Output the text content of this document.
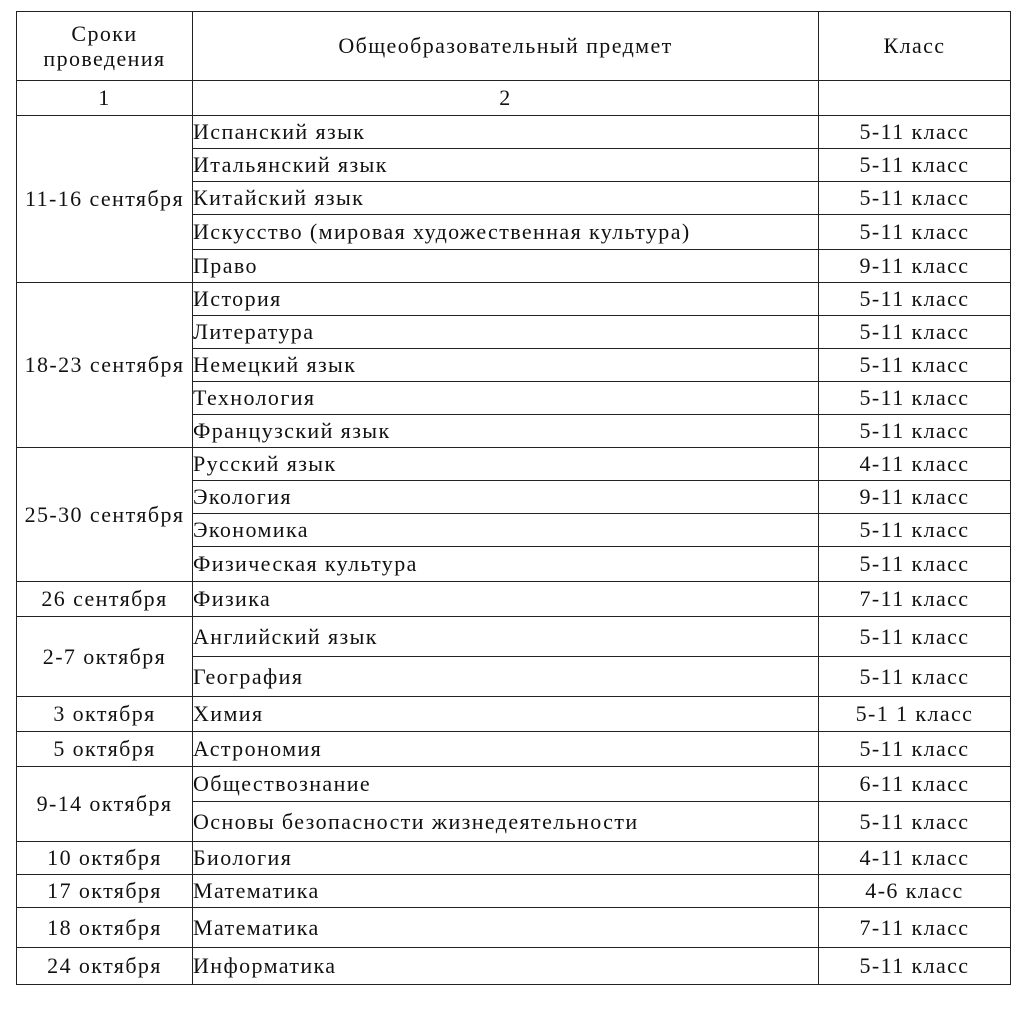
Сроки проведения	Общеобразовательный предмет	Класс
1	2	
11-16 сентября	Испанский язык	5-11 класс
	Итальянский язык	5-11 класс
	Китайский язык	5-11 класс
	Искусство (мировая художественная культура)	5-11 класс
	Право	9-11 класс
18-23 сентября	История	5-11 класс
	Литература	5-11 класс
	Немецкий язык	5-11 класс
	Технология	5-11 класс
	Французский язык	5-11 класс
25-30 сентября	Русский язык	4-11 класс
	Экология	9-11 класс
	Экономика	5-11 класс
	Физическая культура	5-11 класс
26 сентября	Физика	7-11 класс
2-7 октября	Английский язык	5-11 класс
	География	5-11 класс
3 октября	Химия	5-1 1 класс
5 октября	Астрономия	5-11 класс
9-14 октября	Обществознание	6-11 класс
	Основы безопасности жизнедеятельности	5-11 класс
10 октября	Биология	4-11 класс
17 октября	Математика	4-6 класс
18 октября	Математика	7-11 класс
24 октября	Информатика	5-11 класс
